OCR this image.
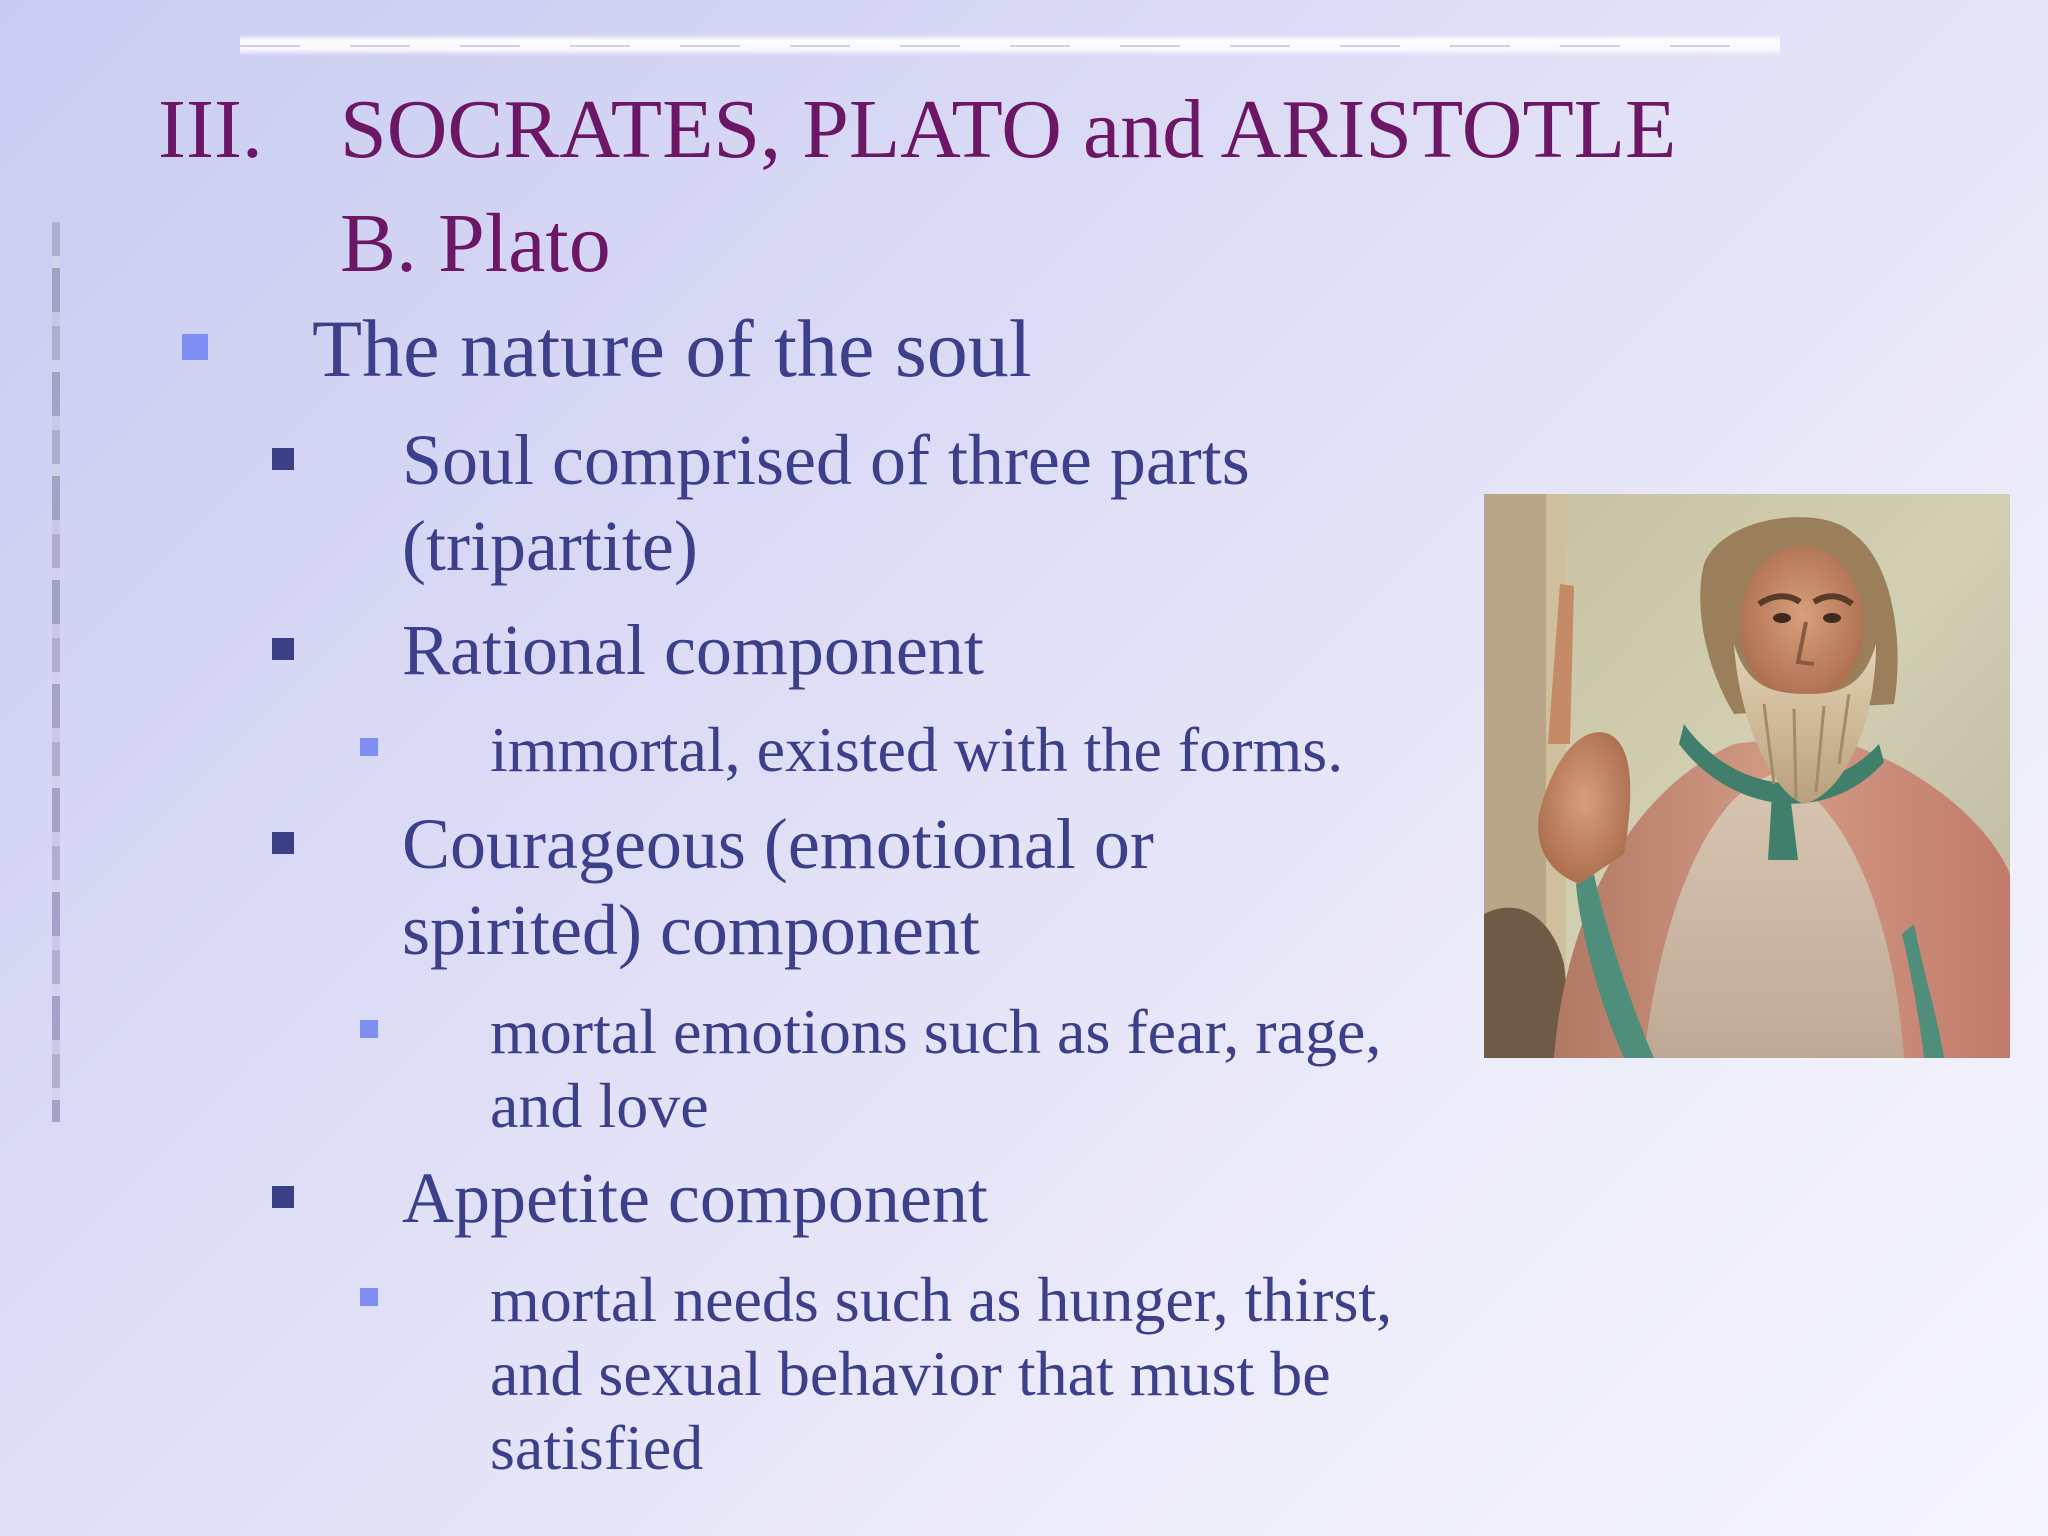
III. SOCRATES, PLATO and ARISTOTLE
B. Plato
The nature of the soul
Soul comprised of three parts
(tripartite)
Rational component
immortal, existed with the forms.
Courageous (emotional or
spirited) component
mortal emotions such as fear, rage,
and love
Appetite component
mortal needs such as hunger, thirst,
and sexual behavior that must be
satisfied
